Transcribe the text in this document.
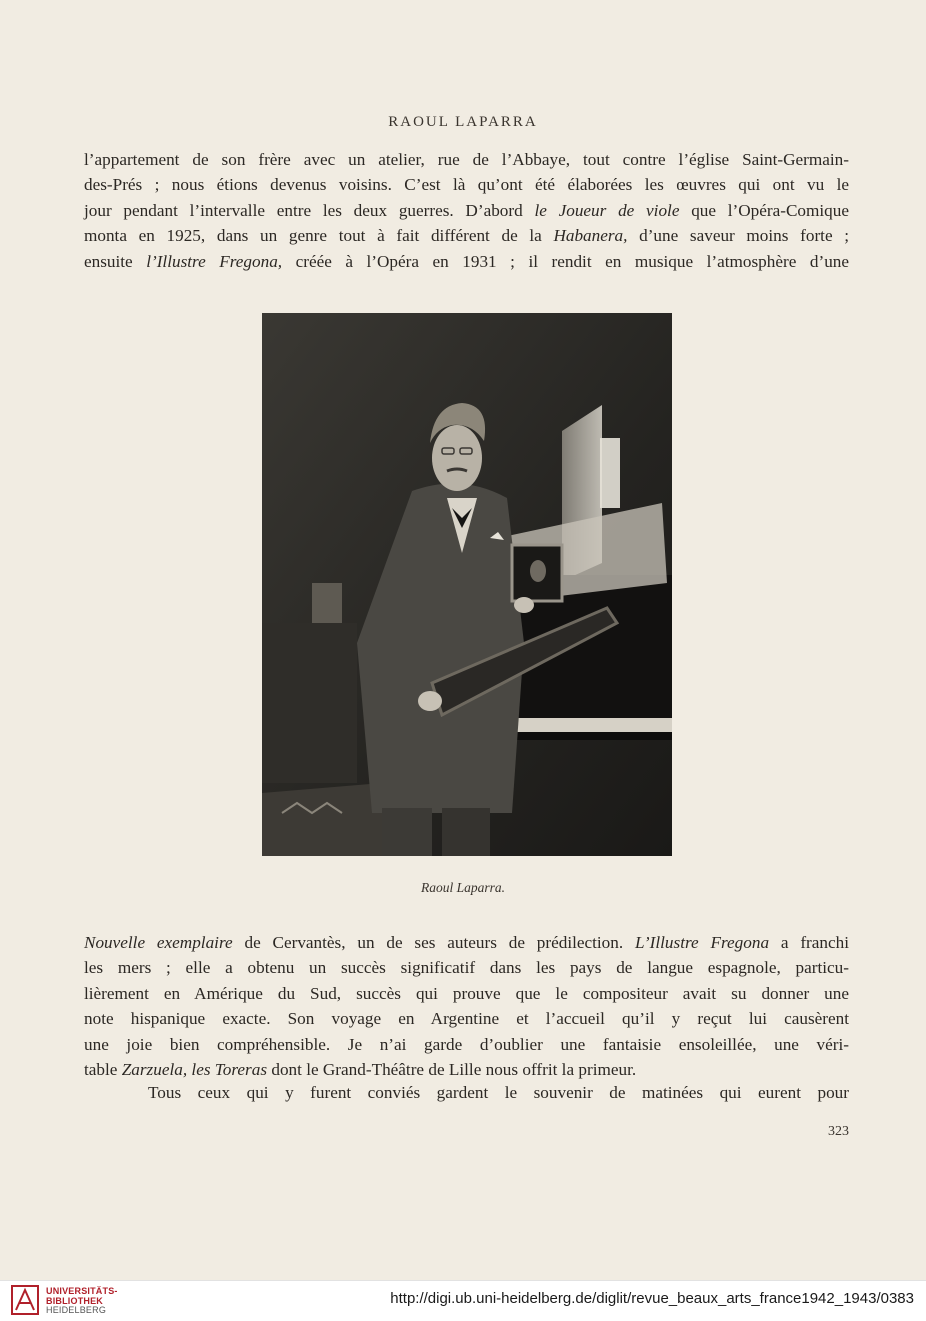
RAOUL LAPARRA
l’appartement de son frère avec un atelier, rue de l’Abbaye, tout contre l’église Saint-Germain-
des-Prés ; nous étions devenus voisins. C’est là qu’ont été élaborées les œuvres qui ont vu le
jour pendant l’intervalle entre les deux guerres. D’abord le Joueur de viole que l’Opéra-Comique
monta en 1925, dans un genre tout à fait différent de la Habanera, d’une saveur moins forte ;
ensuite l’Illustre Fregona, créée à l’Opéra en 1931 ; il rendit en musique l’atmosphère d’une
Raoul Laparra.
Nouvelle exemplaire de Cervantès, un de ses auteurs de prédilection. L’Illustre Fregona a franchi
les mers ; elle a obtenu un succès significatif dans les pays de langue espagnole, particu-
lièrement en Amérique du Sud, succès qui prouve que le compositeur avait su donner une
note hispanique exacte. Son voyage en Argentine et l’accueil qu’il y reçut lui causèrent
une joie bien compréhensible. Je n’ai garde d’oublier une fantaisie ensoleillée, une véri-
table Zarzuela, les Toreras dont le Grand-Théâtre de Lille nous offrit la primeur.
Tous ceux qui y furent conviés gardent le souvenir de matinées qui eurent pour
323
UNIVERSITÄTS-
BIBLIOTHEK
HEIDELBERG
http://digi.ub.uni-heidelberg.de/diglit/revue_beaux_arts_france1942_1943/0383
